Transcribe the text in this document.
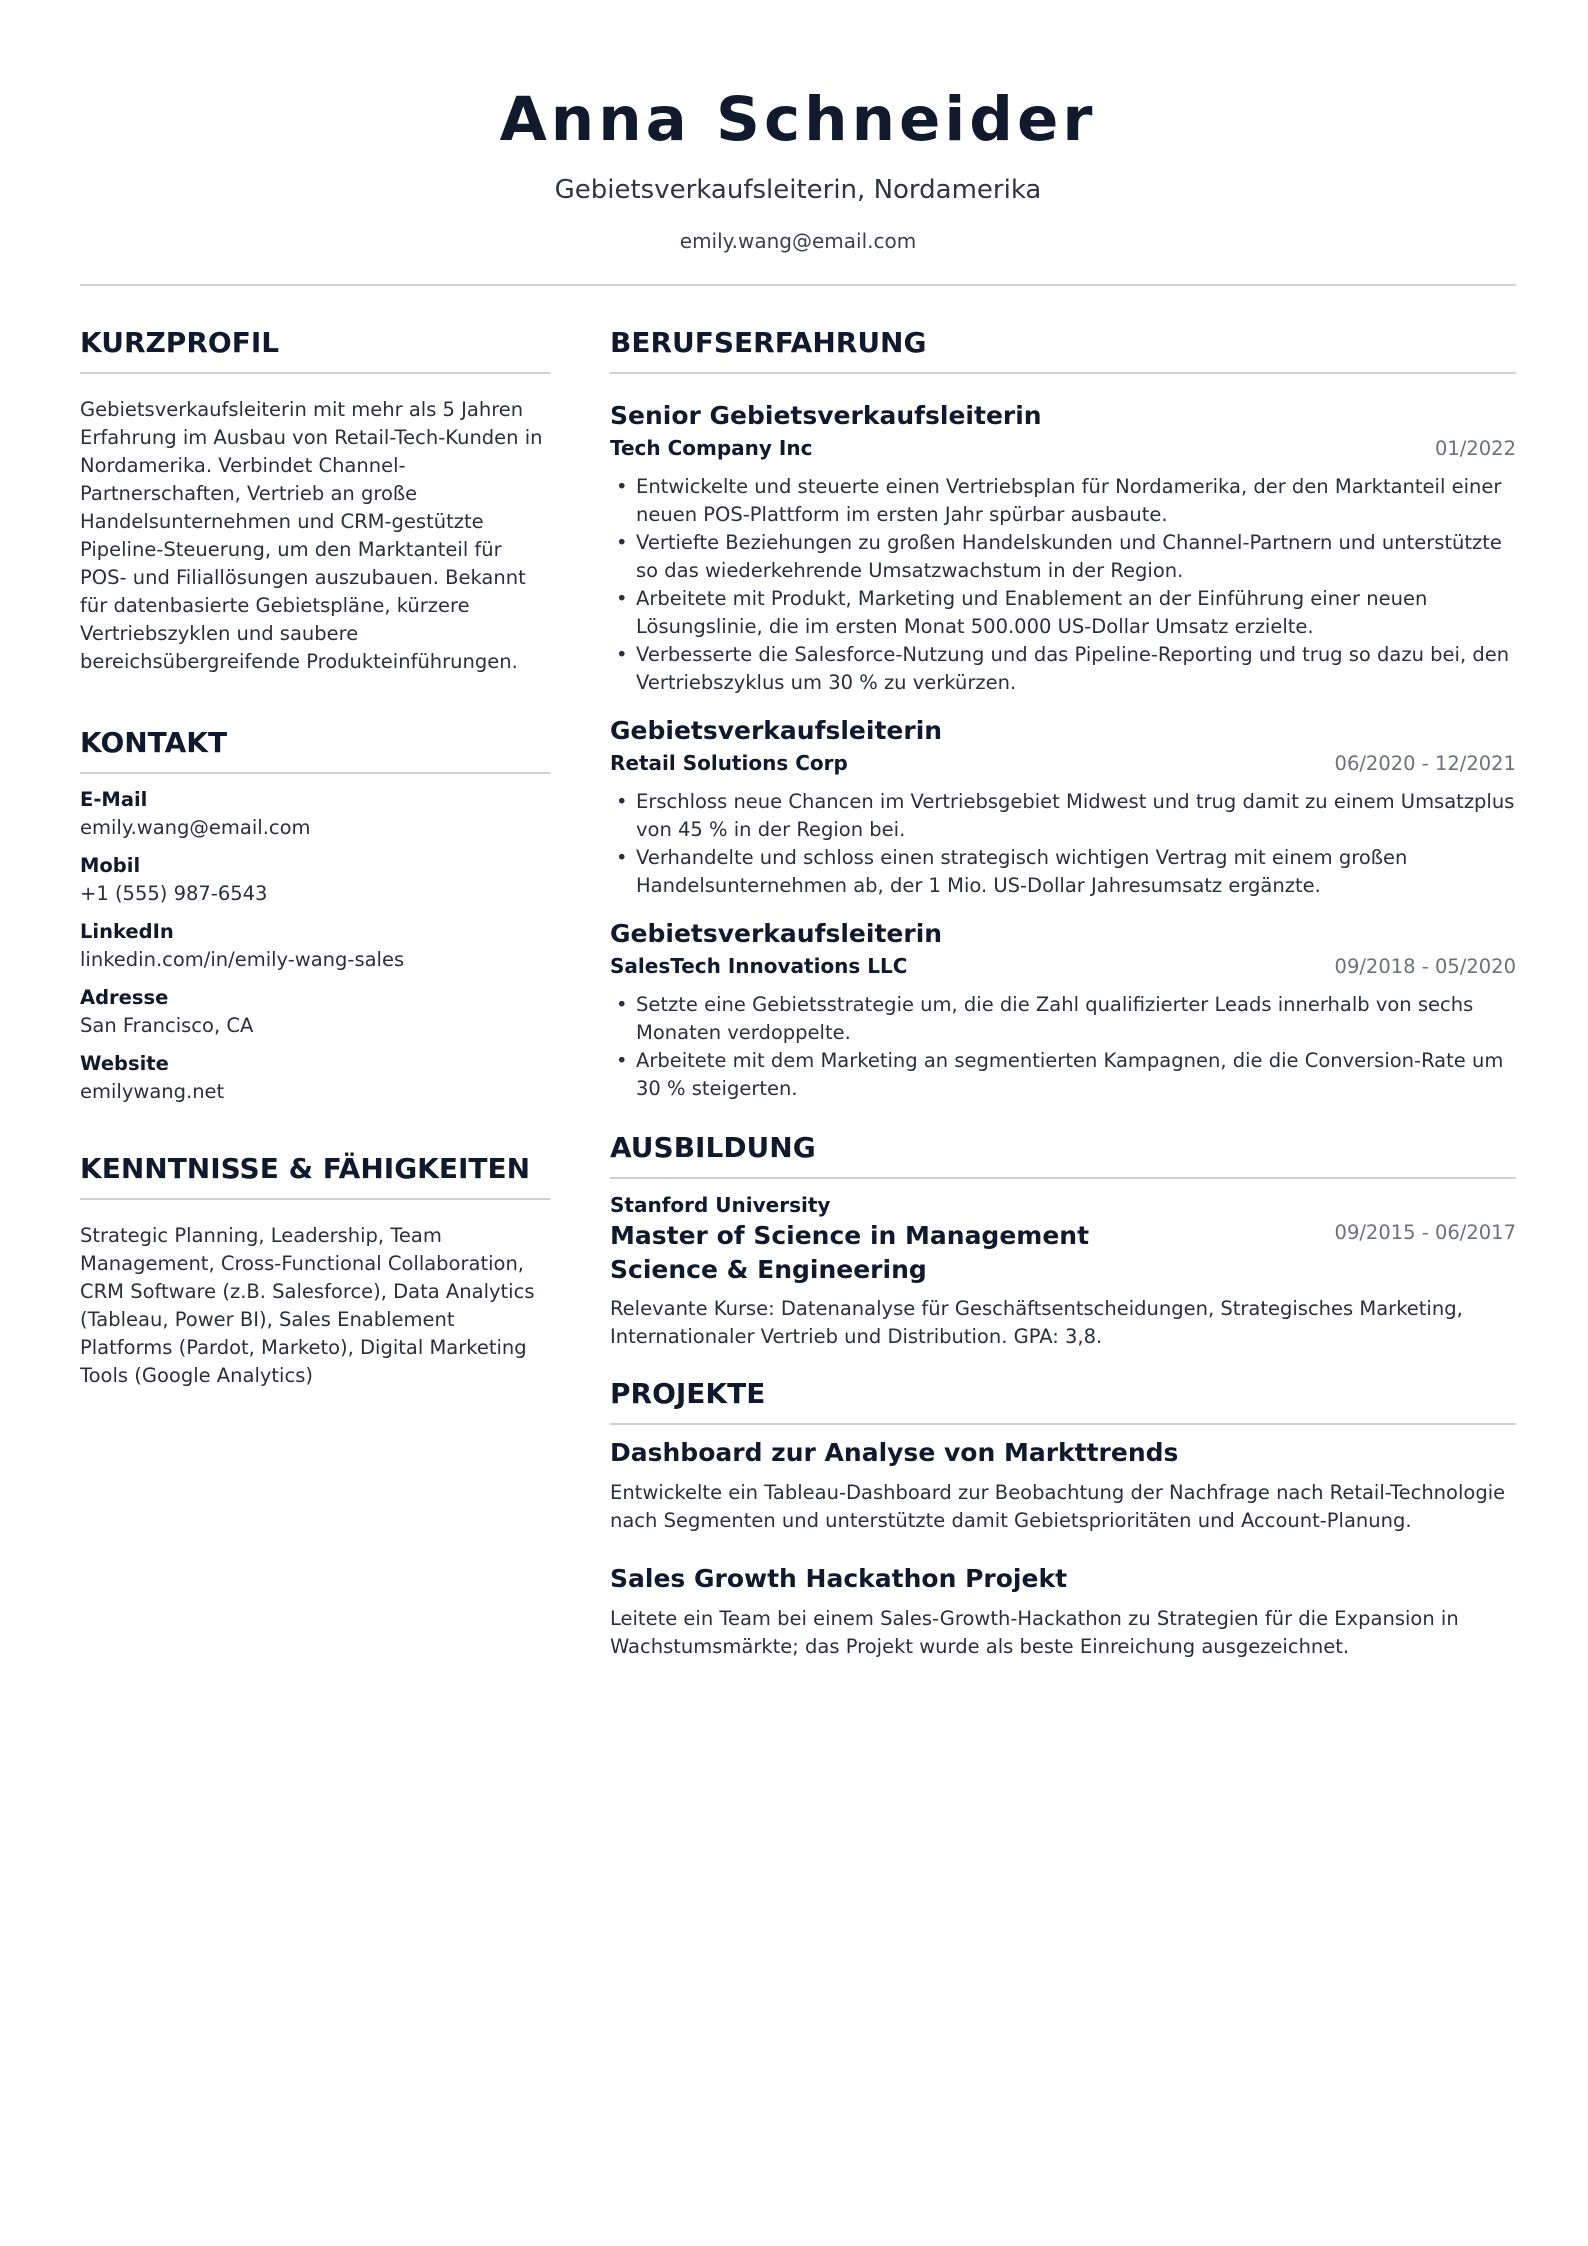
Anna Schneider
Gebietsverkaufsleiterin, Nordamerika
emily.wang@email.com
KURZPROFIL
Gebietsverkaufsleiterin mit mehr als 5 Jahren Erfahrung im Ausbau von Retail-Tech-Kunden in Nordamerika. Verbindet Channel-Partnerschaften, Vertrieb an große Handelsunternehmen und CRM-gestützte Pipeline-Steuerung, um den Marktanteil für POS- und Filiallösungen auszubauen. Bekannt für datenbasierte Gebietspläne, kürzere Vertriebszyklen und saubere bereichsübergreifende Produkteinführungen.
KONTAKT
E-Mail
emily.wang@email.com
Mobil
+1 (555) 987-6543
LinkedIn
linkedin.com/in/emily-wang-sales
Adresse
San Francisco, CA
Website
emilywang.net
KENNTNISSE & FÄHIGKEITEN
Strategic Planning, Leadership, Team Management, Cross-Functional Collaboration, CRM Software (z.B. Salesforce), Data Analytics (Tableau, Power BI), Sales Enablement Platforms (Pardot, Marketo), Digital Marketing Tools (Google Analytics)
BERUFSERFAHRUNG
Senior Gebietsverkaufsleiterin
Tech Company Inc	01/2022
• Entwickelte und steuerte einen Vertriebsplan für Nordamerika, der den Marktanteil einer neuen POS-Plattform im ersten Jahr spürbar ausbaute.
• Vertiefte Beziehungen zu großen Handelskunden und Channel-Partnern und unterstützte so das wiederkehrende Umsatzwachstum in der Region.
• Arbeitete mit Produkt, Marketing und Enablement an der Einführung einer neuen Lösungslinie, die im ersten Monat 500.000 US-Dollar Umsatz erzielte.
• Verbesserte die Salesforce-Nutzung und das Pipeline-Reporting und trug so dazu bei, den Vertriebszyklus um 30 % zu verkürzen.
Gebietsverkaufsleiterin
Retail Solutions Corp	06/2020 - 12/2021
• Erschloss neue Chancen im Vertriebsgebiet Midwest und trug damit zu einem Umsatzplus von 45 % in der Region bei.
• Verhandelte und schloss einen strategisch wichtigen Vertrag mit einem großen Handelsunternehmen ab, der 1 Mio. US-Dollar Jahresumsatz ergänzte.
Gebietsverkaufsleiterin
SalesTech Innovations LLC	09/2018 - 05/2020
• Setzte eine Gebietsstrategie um, die die Zahl qualifizierter Leads innerhalb von sechs Monaten verdoppelte.
• Arbeitete mit dem Marketing an segmentierten Kampagnen, die die Conversion-Rate um 30 % steigerten.
AUSBILDUNG
Stanford University
Master of Science in Management Science & Engineering
09/2015 - 06/2017
Relevante Kurse: Datenanalyse für Geschäftsentscheidungen, Strategisches Marketing, Internationaler Vertrieb und Distribution. GPA: 3,8.
PROJEKTE
Dashboard zur Analyse von Markttrends
Entwickelte ein Tableau-Dashboard zur Beobachtung der Nachfrage nach Retail-Technologie nach Segmenten und unterstützte damit Gebietsprioritäten und Account-Planung.
Sales Growth Hackathon Projekt
Leitete ein Team bei einem Sales-Growth-Hackathon zu Strategien für die Expansion in Wachstumsmärkte; das Projekt wurde als beste Einreichung ausgezeichnet.
